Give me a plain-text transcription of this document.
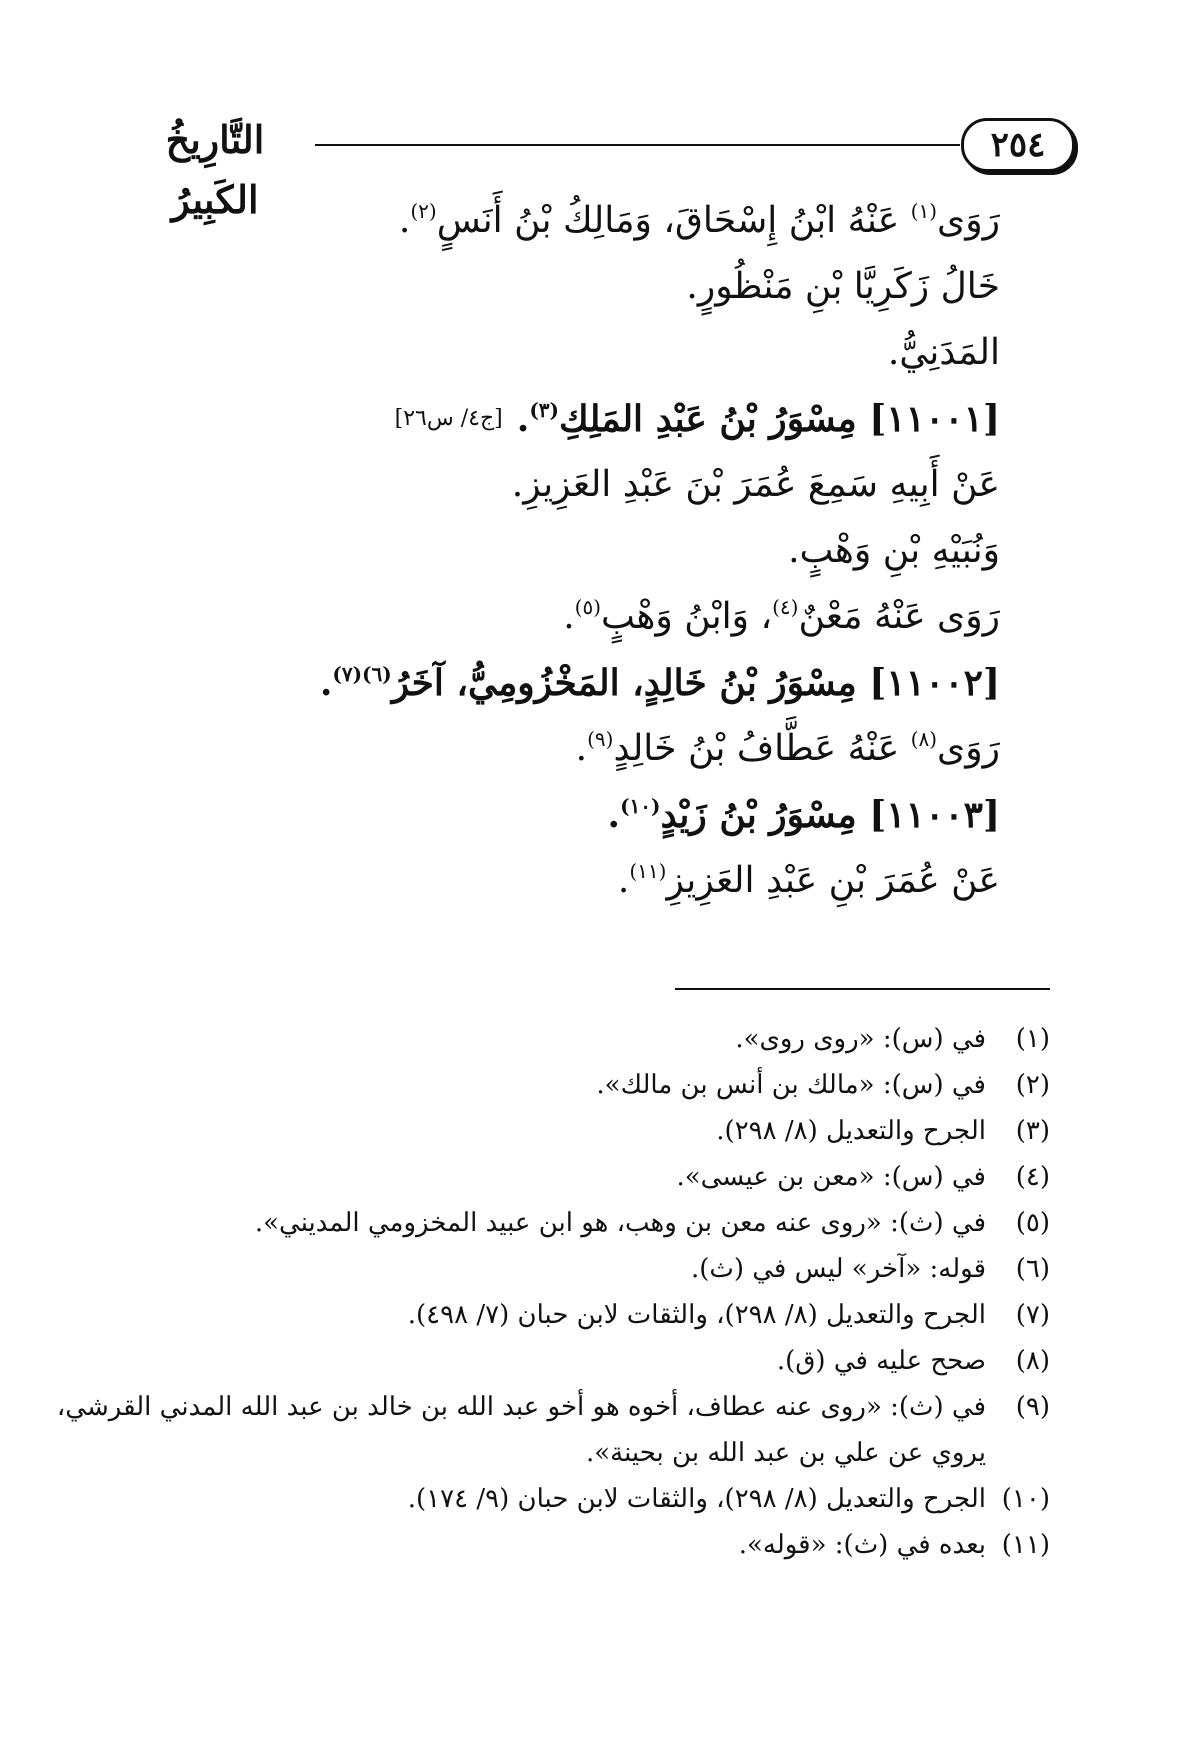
٢٥٤
التَّارِيخُ الكَبِيرُ	رَوَى$^{(١)}$ عَنْهُ ابْنُ إِسْحَاقَ، وَمَالِكُ بْنُ أَنَسٍ$^{(٢)}$.
خَالُ زَكَرِيَّا بْنِ مَنْظُورٍ.
المَدَنِيُّ.
[١١٠٠١] مِسْوَرُ بْنُ عَبْدِ المَلِكِ$^{(٣)}$.[ج٤/ س٢٦]
عَنْ أَبِيهِ سَمِعَ عُمَرَ بْنَ عَبْدِ العَزِيزِ.
وَنُبَيْهِ بْنِ وَهْبٍ.
رَوَى عَنْهُ مَعْنٌ$^{(٤)}$، وَابْنُ وَهْبٍ$^{(٥)}$.
[١١٠٠٢] مِسْوَرُ بْنُ خَالِدٍ، المَخْزُومِيُّ، آخَرُ$^{(٦)(٧)}$.
رَوَى$^{(٨)}$ عَنْهُ عَطَّافُ بْنُ خَالِدٍ$^{(٩)}$.
[١١٠٠٣] مِسْوَرُ بْنُ زَيْدٍ$^{(١٠)}$.
عَنْ عُمَرَ بْنِ عَبْدِ العَزِيزِ$^{(١١)}$.
(١)
في (س): «روى روى».
(٢)
في (س): «مالك بن أنس بن مالك».
(٣)
الجرح والتعديل (٨/ ٢٩٨).
(٤)
في (س): «معن بن عيسى».
(٥)
في (ث): «روى عنه معن بن وهب، هو ابن عبيد المخزومي المديني».
(٦)
قوله: «آخر» ليس في (ث).
(٧)
الجرح والتعديل (٨/ ٢٩٨)، والثقات لابن حبان (٧/ ٤٩٨).
(٨)
صحح عليه في (ق).
(٩)
في (ث): «روى عنه عطاف، أخوه هو أخو عبد الله بن خالد بن عبد الله المدني القرشي،
يروي عن علي بن عبد الله بن بحينة».
(١٠)
الجرح والتعديل (٨/ ٢٩٨)، والثقات لابن حبان (٩/ ١٧٤).
(١١)
بعده في (ث): «قوله».
